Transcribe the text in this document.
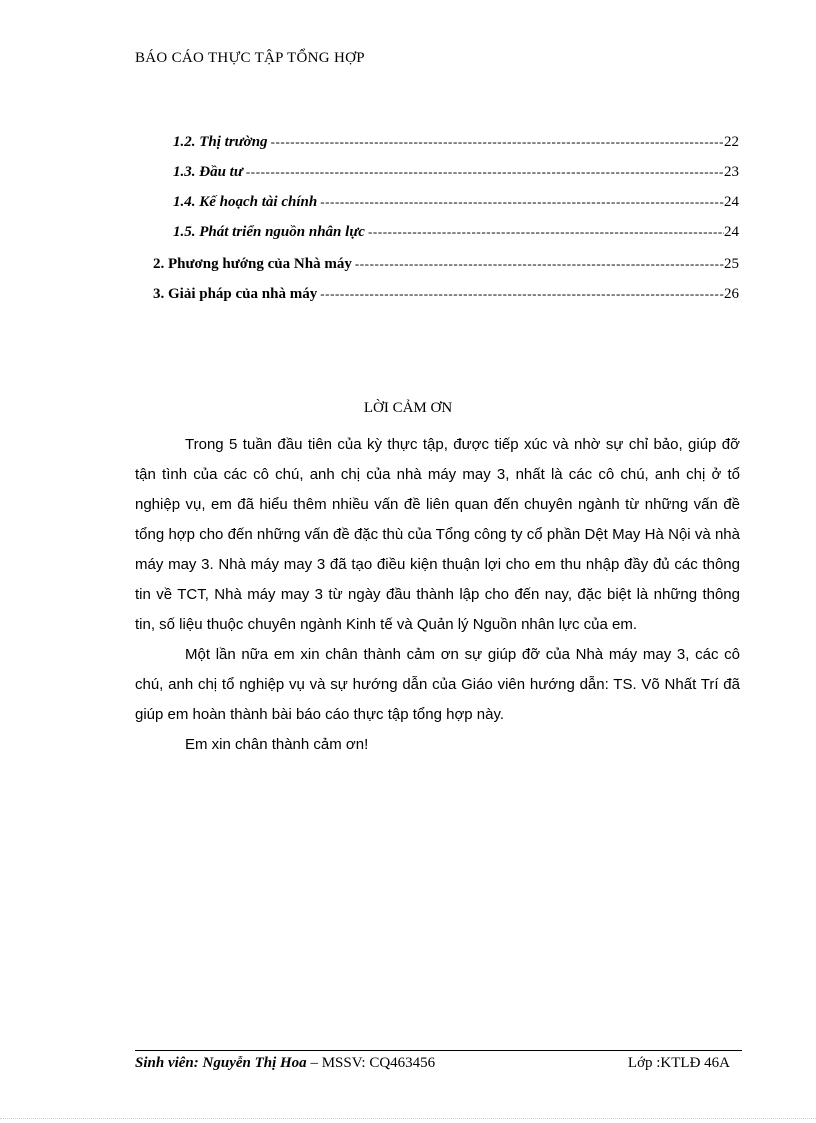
BÁO CÁO THỰC TẬP TỔNG HỢP
1.2. Thị trường -----	22
1.3. Đầu tư -----	23
1.4. Kế hoạch tài chính -----	24
1.5. Phát triển nguồn nhân lực -----	24
2. Phương hướng của Nhà máy -----	25
3. Giải pháp của nhà máy -----	26
LỜI CẢM ƠN

Trong 5 tuần đầu tiên của kỳ thực tập, được tiếp xúc và nhờ sự chỉ bảo, giúp đỡ tận tình của các cô chú, anh chị của nhà máy may 3, nhất là các cô chú, anh chị ở tổ nghiệp vụ, em đã hiểu thêm nhiều vấn đề liên quan đến chuyên ngành từ những vấn đề tổng hợp cho đến những vấn đề đặc thù của Tổng công ty cổ phần Dệt May Hà Nội và nhà máy may 3. Nhà máy may 3 đã tạo điều kiện thuận lợi cho em thu nhập đầy đủ các thông tin về TCT, Nhà máy may 3 từ ngày đầu thành lập cho đến nay, đặc biệt là những thông tin, số liệu thuộc chuyên ngành Kinh tế và Quản lý Nguồn nhân lực của em.

Một lần nữa em xin chân thành cảm ơn sự giúp đỡ của Nhà máy may 3, các cô chú, anh chị tổ nghiệp vụ và sự hướng dẫn của Giáo viên hướng dẫn: TS. Võ Nhất Trí đã giúp em hoàn thành bài báo cáo thực tập tổng hợp này.

Em xin chân thành cảm ơn!

Sinh viên: Nguyễn Thị Hoa – MSSV: CQ463456	Lớp :KTLĐ 46A
